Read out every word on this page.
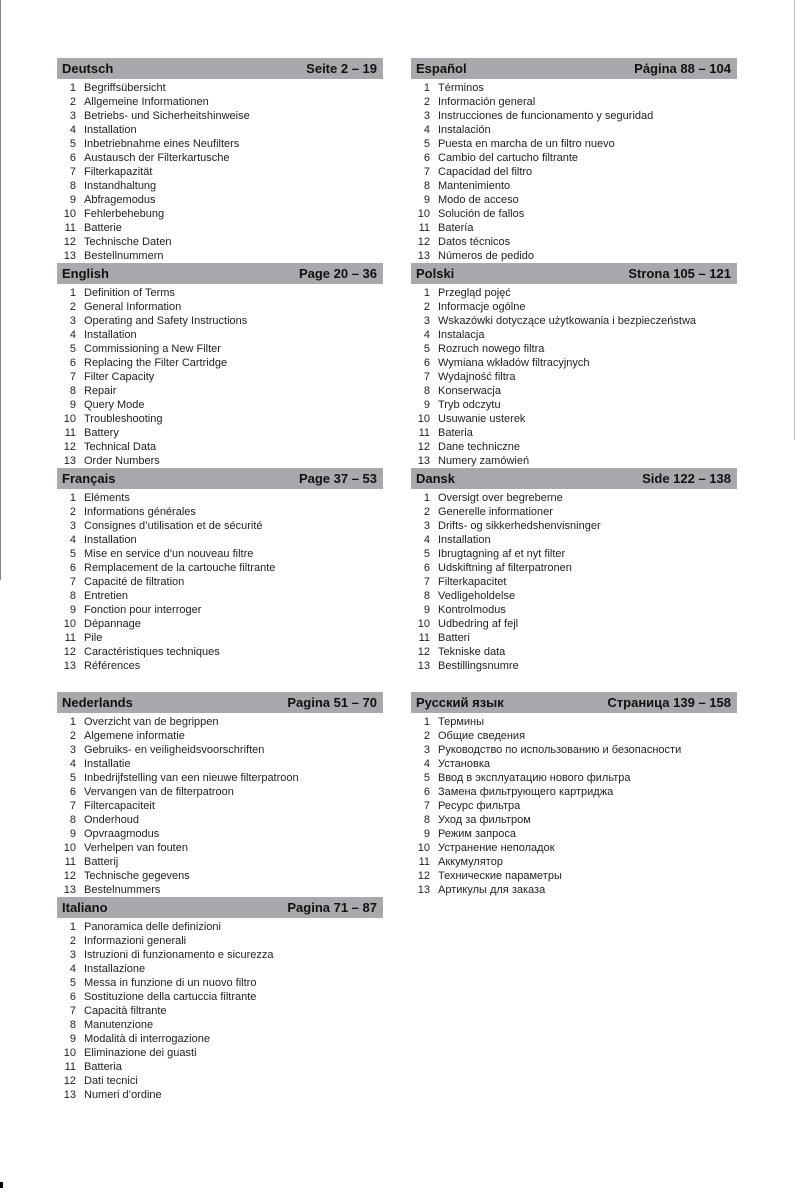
Deutsch	Seite 2 – 19
1 Begriffsübersicht
2 Allgemeine Informationen
3 Betriebs- und Sicherheitshinweise
4 Installation
5 Inbetriebnahme eines Neufilters
6 Austausch der Filterkartusche
7 Filterkapazität
8 Instandhaltung
9 Abfragemodus
10 Fehlerbehebung
11 Batterie
12 Technische Daten
13 Bestellnummern
English	Page 20 – 36
1 Definition of Terms
2 General Information
3 Operating and Safety Instructions
4 Installation
5 Commissioning a New Filter
6 Replacing the Filter Cartridge
7 Filter Capacity
8 Repair
9 Query Mode
10 Troubleshooting
11 Battery
12 Technical Data
13 Order Numbers
Français	Page 37 – 53
1 Eléments
2 Informations générales
3 Consignes d’utilisation et de sécurité
4 Installation
5 Mise en service d’un nouveau filtre
6 Remplacement de la cartouche filtrante
7 Capacité de filtration
8 Entretien
9 Fonction pour interroger
10 Dépannage
11 Pile
12 Caractéristiques techniques
13 Références
Nederlands	Pagina 51 – 70
1 Overzicht van de begrippen
2 Algemene informatie
3 Gebruiks- en veiligheidsvoorschriften
4 Installatie
5 Inbedrijfstelling van een nieuwe filterpatroon
6 Vervangen van de filterpatroon
7 Filtercapaciteit
8 Onderhoud
9 Opvraagmodus
10 Verhelpen van fouten
11 Batterij
12 Technische gegevens
13 Bestelnummers
Italiano	Pagina 71 – 87
1 Panoramica delle definizioni
2 Informazioni generali
3 Istruzioni di funzionamento e sicurezza
4 Installazione
5 Messa in funzione di un nuovo filtro
6 Sostituzione della cartuccia filtrante
7 Capacità filtrante
8 Manutenzione
9 Modalità di interrogazione
10 Eliminazione dei guasti
11 Batteria
12 Dati tecnici
13 Numeri d’ordine
Español	Página 88 – 104
1 Términos
2 Información general
3 Instrucciones de funcionamento y seguridad
4 Instalación
5 Puesta en marcha de un filtro nuevo
6 Cambio del cartucho filtrante
7 Capacidad del filtro
8 Mantenimiento
9 Modo de acceso
10 Solución de fallos
11 Batería
12 Datos técnicos
13 Números de pedido
Polski	Strona 105 – 121
1 Przegląd pojęć
2 Informacje ogólne
3 Wskazówki dotyczące użytkowania i bezpieczeństwa
4 Instalacja
5 Rozruch nowego filtra
6 Wymiana wkładów filtracyjnych
7 Wydajność filtra
8 Konserwacja
9 Tryb odczytu
10 Usuwanie usterek
11 Bateria
12 Dane techniczne
13 Numery zamówień
Dansk	Side 122 – 138
1 Oversigt over begreberne
2 Generelle informationer
3 Drifts- og sikkerhedshenvisninger
4 Installation
5 Ibrugtagning af et nyt filter
6 Udskiftning af filterpatronen
7 Filterkapacitet
8 Vedligeholdelse
9 Kontrolmodus
10 Udbedring af fejl
11 Batteri
12 Tekniske data
13 Bestillingsnumre
Русский язык	Страница 139 – 158
1 Термины
2 Общие сведения
3 Руководство по использованию и безопасности
4 Установка
5 Ввод в эксплуатацию нового фильтра
6 Замена фильтрующего картриджа
7 Ресурс фильтра
8 Уход за фильтром
9 Режим запроса
10 Устранение неполадок
11 Аккумулятор
12 Технические параметры
13 Артикулы для заказа
